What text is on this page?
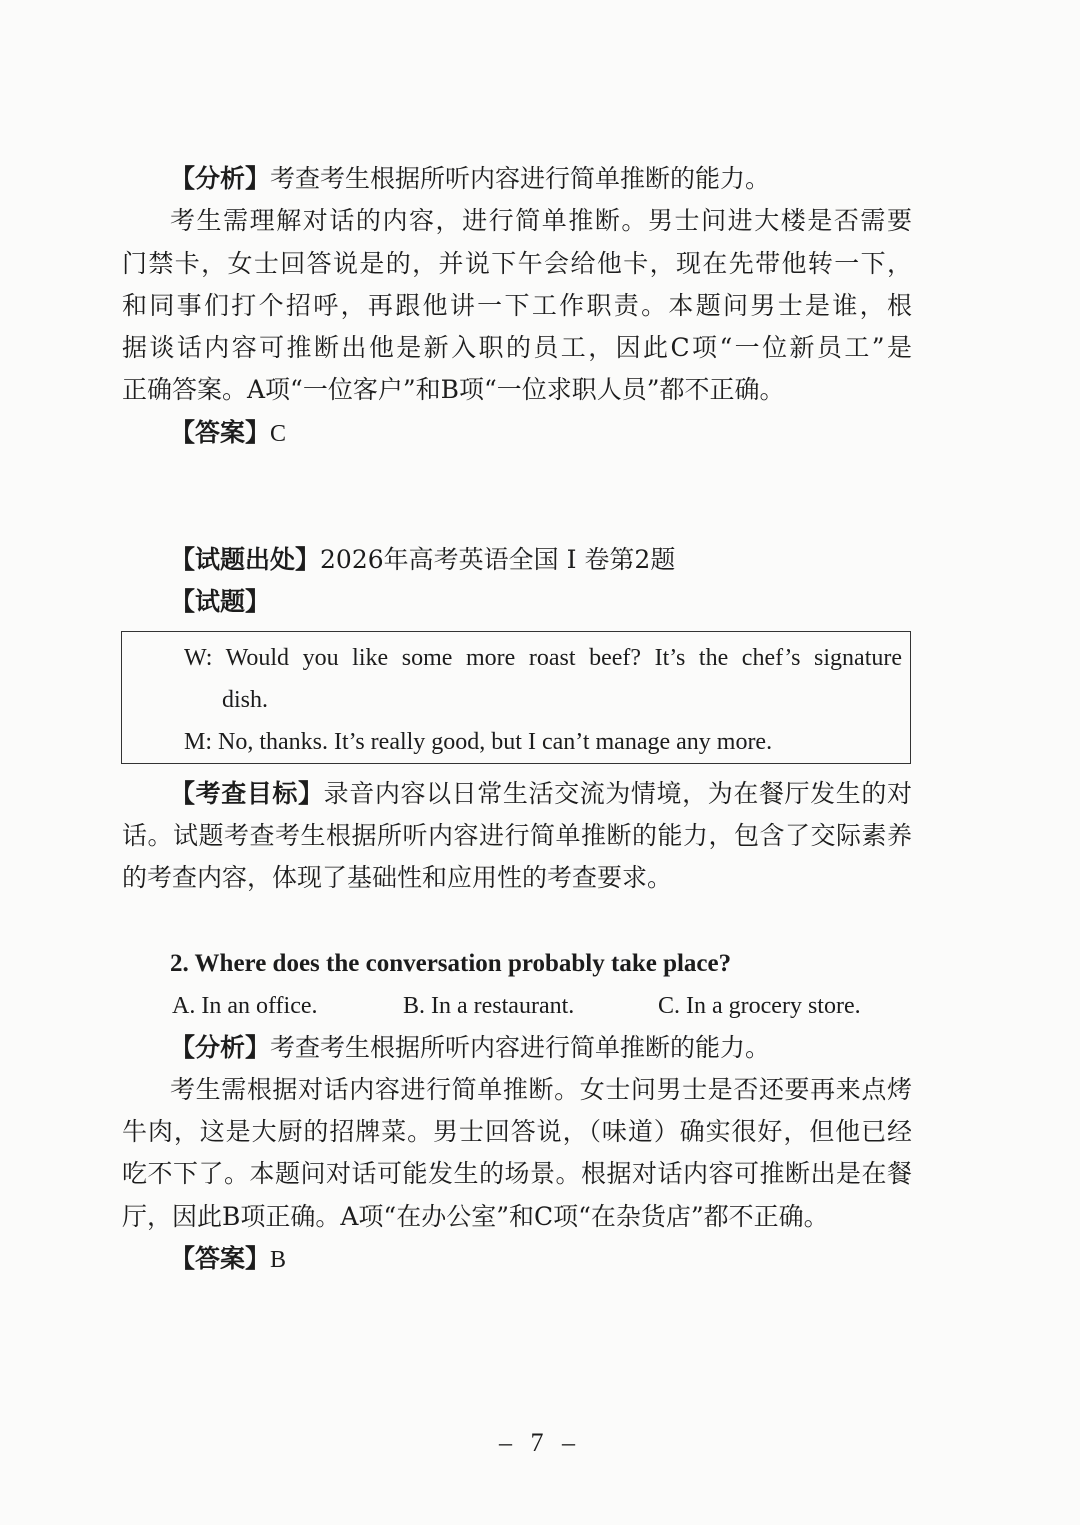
【分析】考查考生根据所听内容进行简单推断的能力。
考生需理解对话的内容，进行简单推断。男士问进大楼是否需要
门禁卡，女士回答说是的，并说下午会给他卡，现在先带他转一下，
和同事们打个招呼，再跟他讲一下工作职责。本题问男士是谁，根
据谈话内容可推断出他是新入职的员工，因此C项“一位新员工”是
正确答案。A项“一位客户”和B项“一位求职人员”都不正确。
【答案】C
【试题出处】2026年高考英语全国 I 卷第2题
【试题】
W: Would you like some more roast beef? It’s the chef’s signature
dish.
M: No, thanks. It’s really good, but I can’t manage any more.
【考查目标】录音内容以日常生活交流为情境，为在餐厅发生的对
话。试题考查考生根据所听内容进行简单推断的能力，包含了交际素养
的考查内容，体现了基础性和应用性的考查要求。
2. Where does the conversation probably take place?
A. In an office.	B. In a restaurant.	C. In a grocery store.
【分析】考查考生根据所听内容进行简单推断的能力。
考生需根据对话内容进行简单推断。女士问男士是否还要再来点烤
牛肉，这是大厨的招牌菜。男士回答说，（味道）确实很好，但他已经
吃不下了。本题问对话可能发生的场景。根据对话内容可推断出是在餐
厅，因此B项正确。A项“在办公室”和C项“在杂货店”都不正确。
【答案】B
– 7 –
